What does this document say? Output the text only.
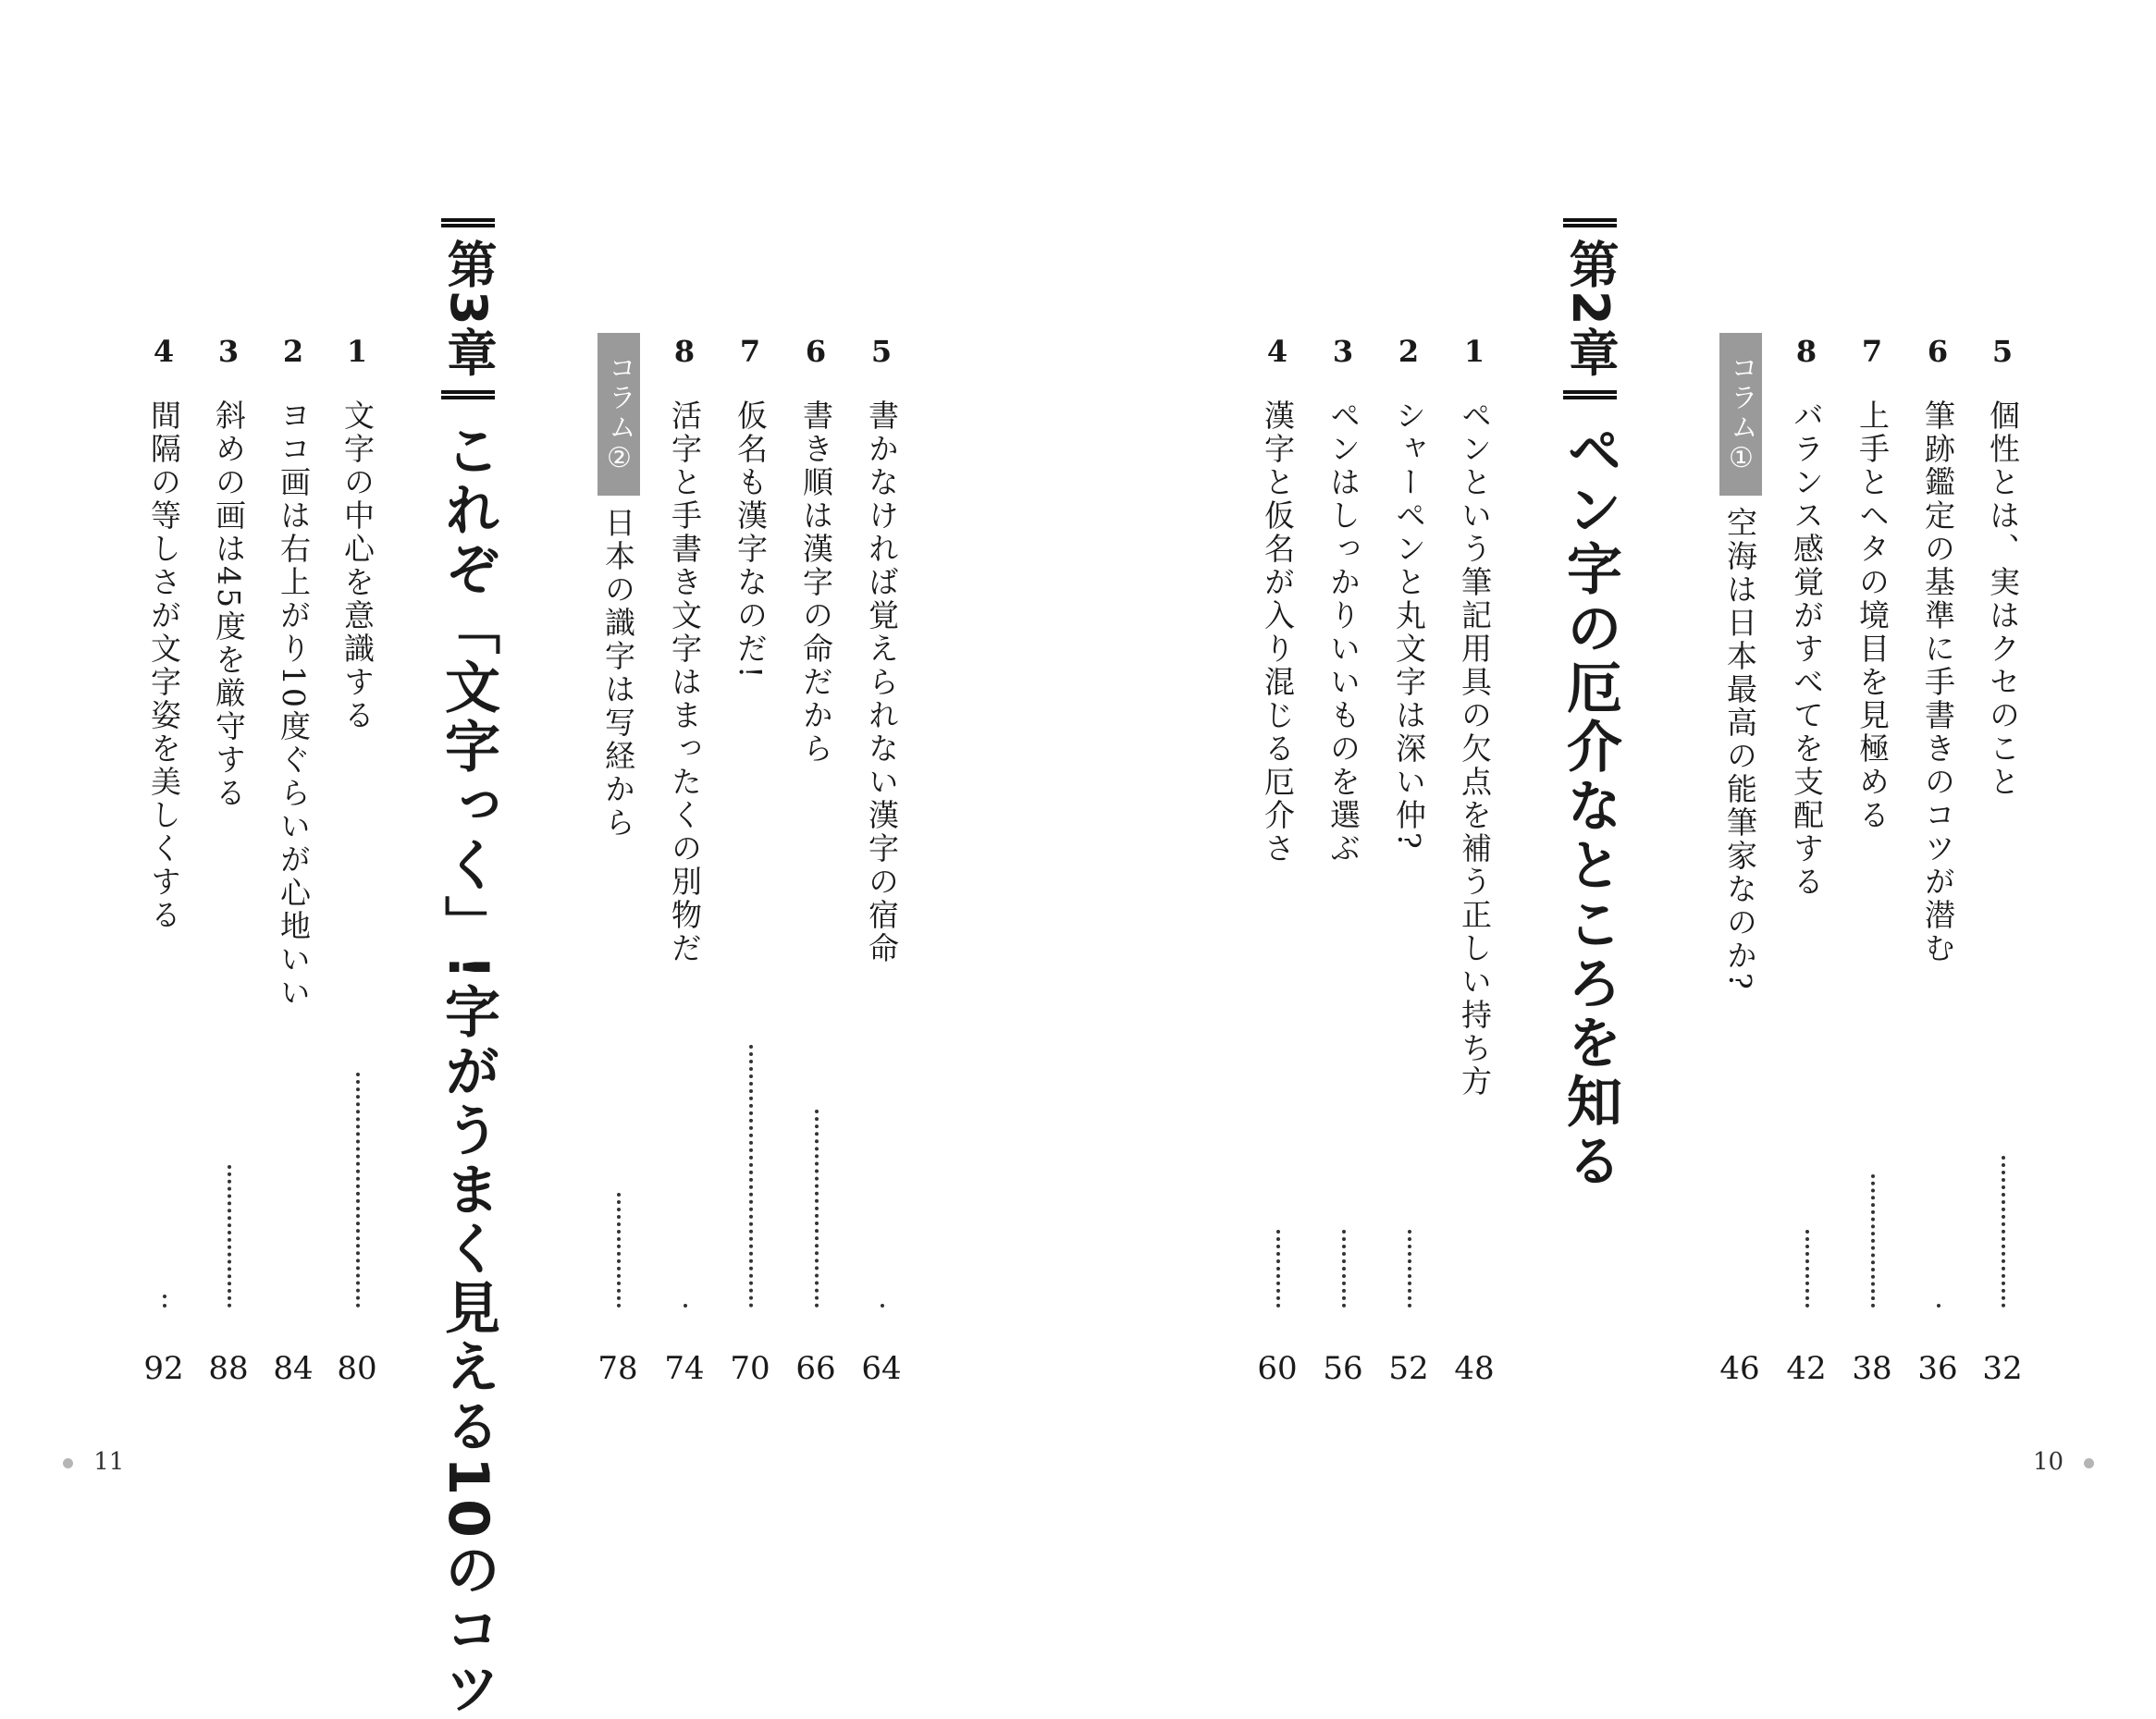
5
個性とは、実はクセのこと
32
6
筆跡鑑定の基準に手書きのコツが潜む
36
7
上手とヘタの境目を見極める
38
8
バランス感覚がすべてを支配する
42
コラム①
空海は日本最高の能筆家なのか?
46
第2章
ペン字の厄介なところを知る
1
ペンという筆記用具の欠点を補う正しい持ち方
48
2
シャーペンと丸文字は深い仲?
52
3
ペンはしっかりいいものを選ぶ
56
4
漢字と仮名が入り混じる厄介さ
60
10
5
書かなければ覚えられない漢字の宿命
64
6
書き順は漢字の命だから
66
7
仮名も漢字なのだ!
70
8
活字と手書き文字はまったくの別物だ
74
コラム②
日本の識字は写経から
78
第3章
これぞ「文字っく」!字がうまく見える10のコツ
1
文字の中心を意識する
80
2
ヨコ画は右上がり10度ぐらいが心地いい
84
3
斜めの画は45度を厳守する
88
4
間隔の等しさが文字姿を美しくする
92
11
